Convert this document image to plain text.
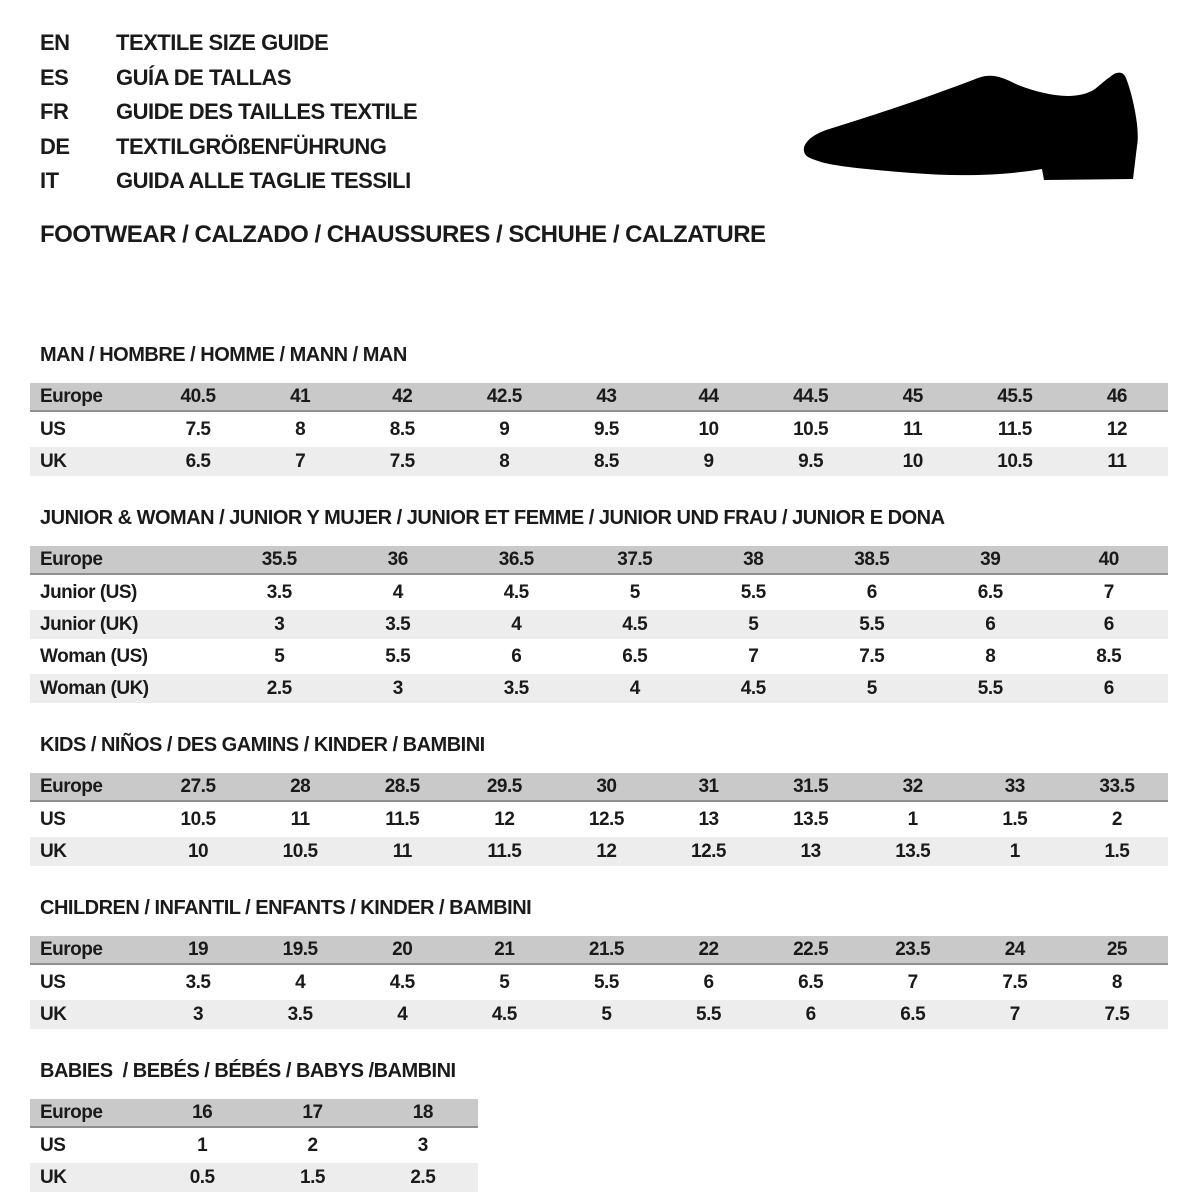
EN	TEXTILE SIZE GUIDE
ES	GUÍA DE TALLAS
FR	GUIDE DES TAILLES TEXTILE
DE	TEXTILGRÖßENFÜHRUNG
IT	GUIDA ALLE TAGLIE TESSILI
FOOTWEAR / CALZADO / CHAUSSURES / SCHUHE / CALZATURE
MAN / HOMBRE / HOMME / MANN / MAN
Europe	40.5	41	42	42.5	43	44	44.5	45	45.5	46
US	7.5	8	8.5	9	9.5	10	10.5	11	11.5	12
UK	6.5	7	7.5	8	8.5	9	9.5	10	10.5	11
JUNIOR & WOMAN / JUNIOR Y MUJER / JUNIOR ET FEMME / JUNIOR UND FRAU / JUNIOR E DONA
Europe	35.5	36	36.5	37.5	38	38.5	39	40
Junior (US)	3.5	4	4.5	5	5.5	6	6.5	7
Junior (UK)	3	3.5	4	4.5	5	5.5	6	6
Woman (US)	5	5.5	6	6.5	7	7.5	8	8.5
Woman (UK)	2.5	3	3.5	4	4.5	5	5.5	6
KIDS / NIÑOS / DES GAMINS / KINDER / BAMBINI
Europe	27.5	28	28.5	29.5	30	31	31.5	32	33	33.5
US	10.5	11	11.5	12	12.5	13	13.5	1	1.5	2
UK	10	10.5	11	11.5	12	12.5	13	13.5	1	1.5
CHILDREN / INFANTIL / ENFANTS / KINDER / BAMBINI
Europe	19	19.5	20	21	21.5	22	22.5	23.5	24	25
US	3.5	4	4.5	5	5.5	6	6.5	7	7.5	8
UK	3	3.5	4	4.5	5	5.5	6	6.5	7	7.5
BABIES  / BEBÉS / BÉBÉS / BABYS /BAMBINI
Europe	16	17	18
US	1	2	3
UK	0.5	1.5	2.5
